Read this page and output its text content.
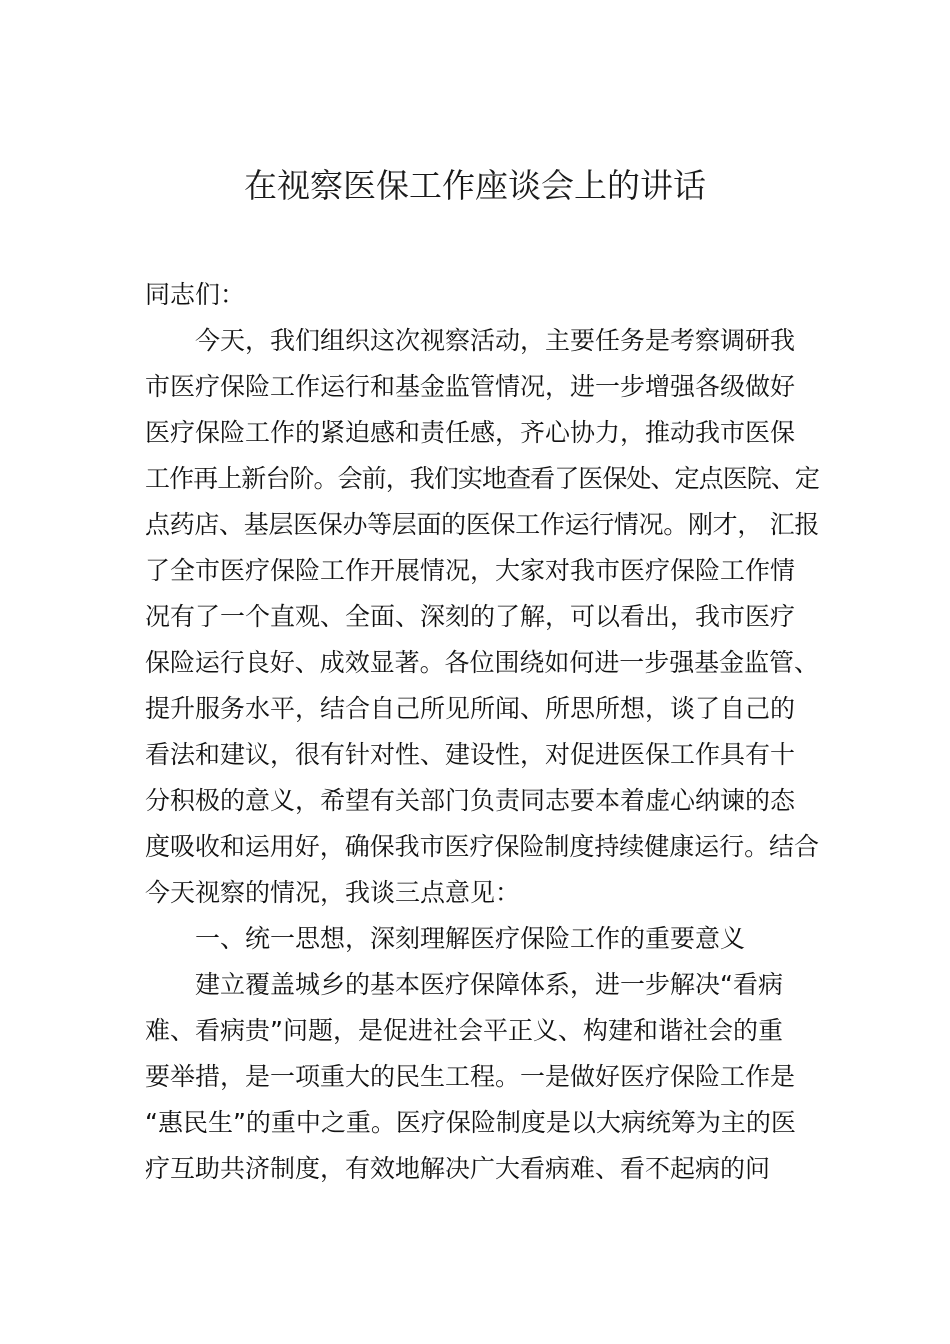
在视察医保工作座谈会上的讲话
同志们：
今天，我们组织这次视察活动，主要任务是考察调研我
市医疗保险工作运行和基金监管情况，进一步增强各级做好
医疗保险工作的紧迫感和责任感，齐心协力，推动我市医保
工作再上新台阶。会前，我们实地查看了医保处、定点医院、定
点药店、基层医保办等层面的医保工作运行情况。刚才， 汇报
了全市医疗保险工作开展情况，大家对我市医疗保险工作情
况有了一个直观、全面、深刻的了解，可以看出，我市医疗
保险运行良好、成效显著。各位围绕如何进一步强基金监管、
提升服务水平，结合自己所见所闻、所思所想，谈了自己的
看法和建议，很有针对性、建设性，对促进医保工作具有十
分积极的意义，希望有关部门负责同志要本着虚心纳谏的态
度吸收和运用好，确保我市医疗保险制度持续健康运行。结合
今天视察的情况，我谈三点意见：
一、统一思想，深刻理解医疗保险工作的重要意义
建立覆盖城乡的基本医疗保障体系，进一步解决“看病
难、看病贵”问题，是促进社会平正义、构建和谐社会的重
要举措，是一项重大的民生工程。一是做好医疗保险工作是
“惠民生”的重中之重。医疗保险制度是以大病统筹为主的医
疗互助共济制度，有效地解决广大看病难、看不起病的问
